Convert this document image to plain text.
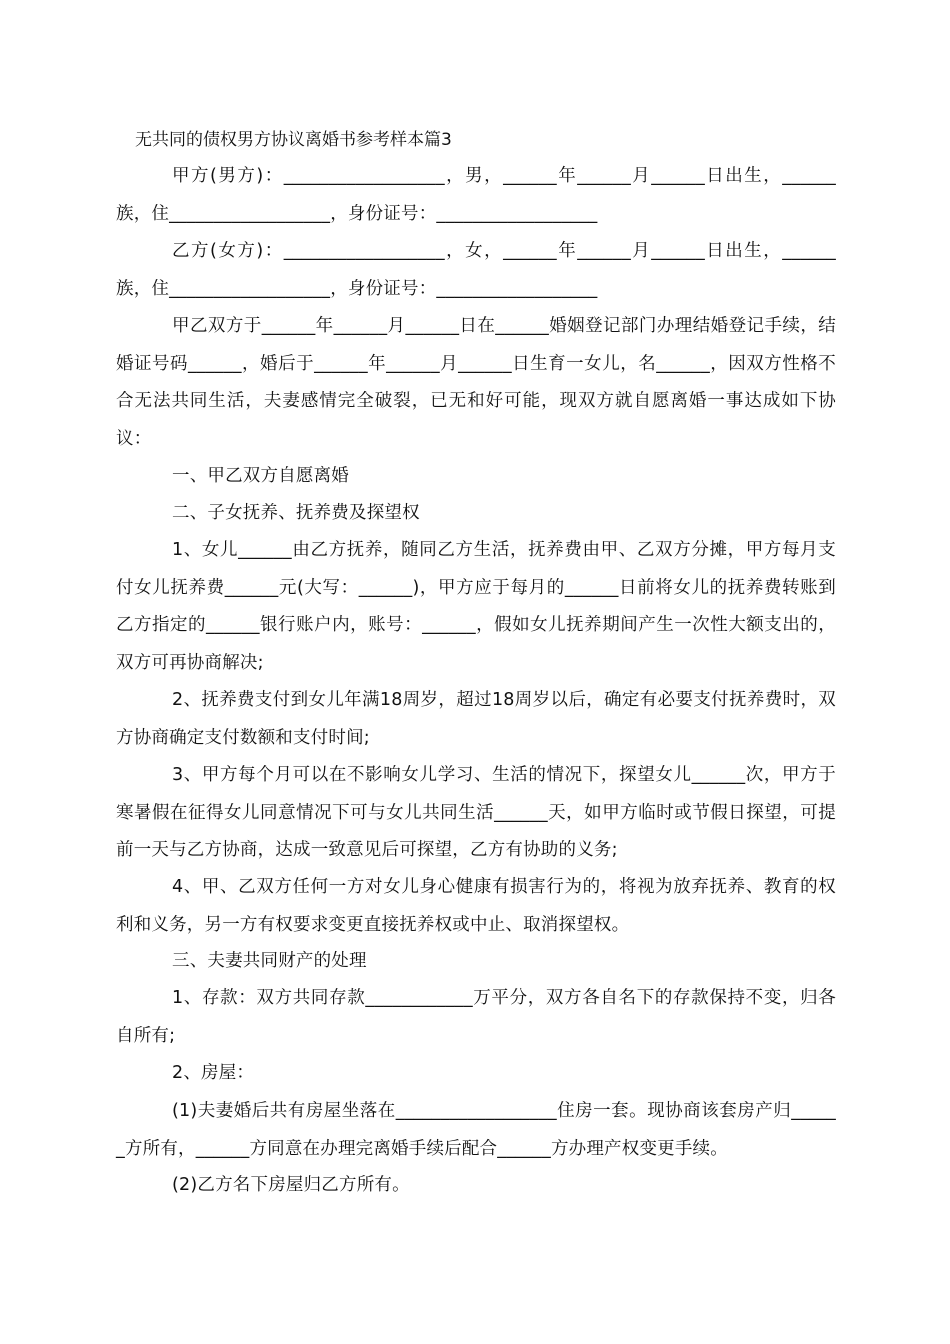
无共同的债权男方协议离婚书参考样本篇3
甲方(男方)：__________________，男，______年______月______日出生，______族，住__________________，身份证号：__________________
乙方(女方)：__________________，女，______年______月______日出生，______族，住__________________，身份证号：__________________
甲乙双方于______年______月______日在______婚姻登记部门办理结婚登记手续，结婚证号码______，婚后于______年______月______日生育一女儿，名______，因双方性格不合无法共同生活，夫妻感情完全破裂，已无和好可能，现双方就自愿离婚一事达成如下协议：
一、甲乙双方自愿离婚
二、子女抚养、抚养费及探望权
1、女儿______由乙方抚养，随同乙方生活，抚养费由甲、乙双方分摊，甲方每月支付女儿抚养费______元(大写：______)，甲方应于每月的______日前将女儿的抚养费转账到乙方指定的______银行账户内，账号：______，假如女儿抚养期间产生一次性大额支出的，双方可再协商解决;
2、抚养费支付到女儿年满18周岁，超过18周岁以后，确定有必要支付抚养费时，双方协商确定支付数额和支付时间;
3、甲方每个月可以在不影响女儿学习、生活的情况下，探望女儿______次，甲方于寒暑假在征得女儿同意情况下可与女儿共同生活______天，如甲方临时或节假日探望，可提前一天与乙方协商，达成一致意见后可探望，乙方有协助的义务;
4、甲、乙双方任何一方对女儿身心健康有损害行为的，将视为放弃抚养、教育的权利和义务，另一方有权要求变更直接抚养权或中止、取消探望权。
三、夫妻共同财产的处理
1、存款：双方共同存款____________万平分，双方各自名下的存款保持不变，归各自所有;
2、房屋：
(1)夫妻婚后共有房屋坐落在__________________住房一套。现协商该套房产归______方所有，______方同意在办理完离婚手续后配合______方办理产权变更手续。
(2)乙方名下房屋归乙方所有。
